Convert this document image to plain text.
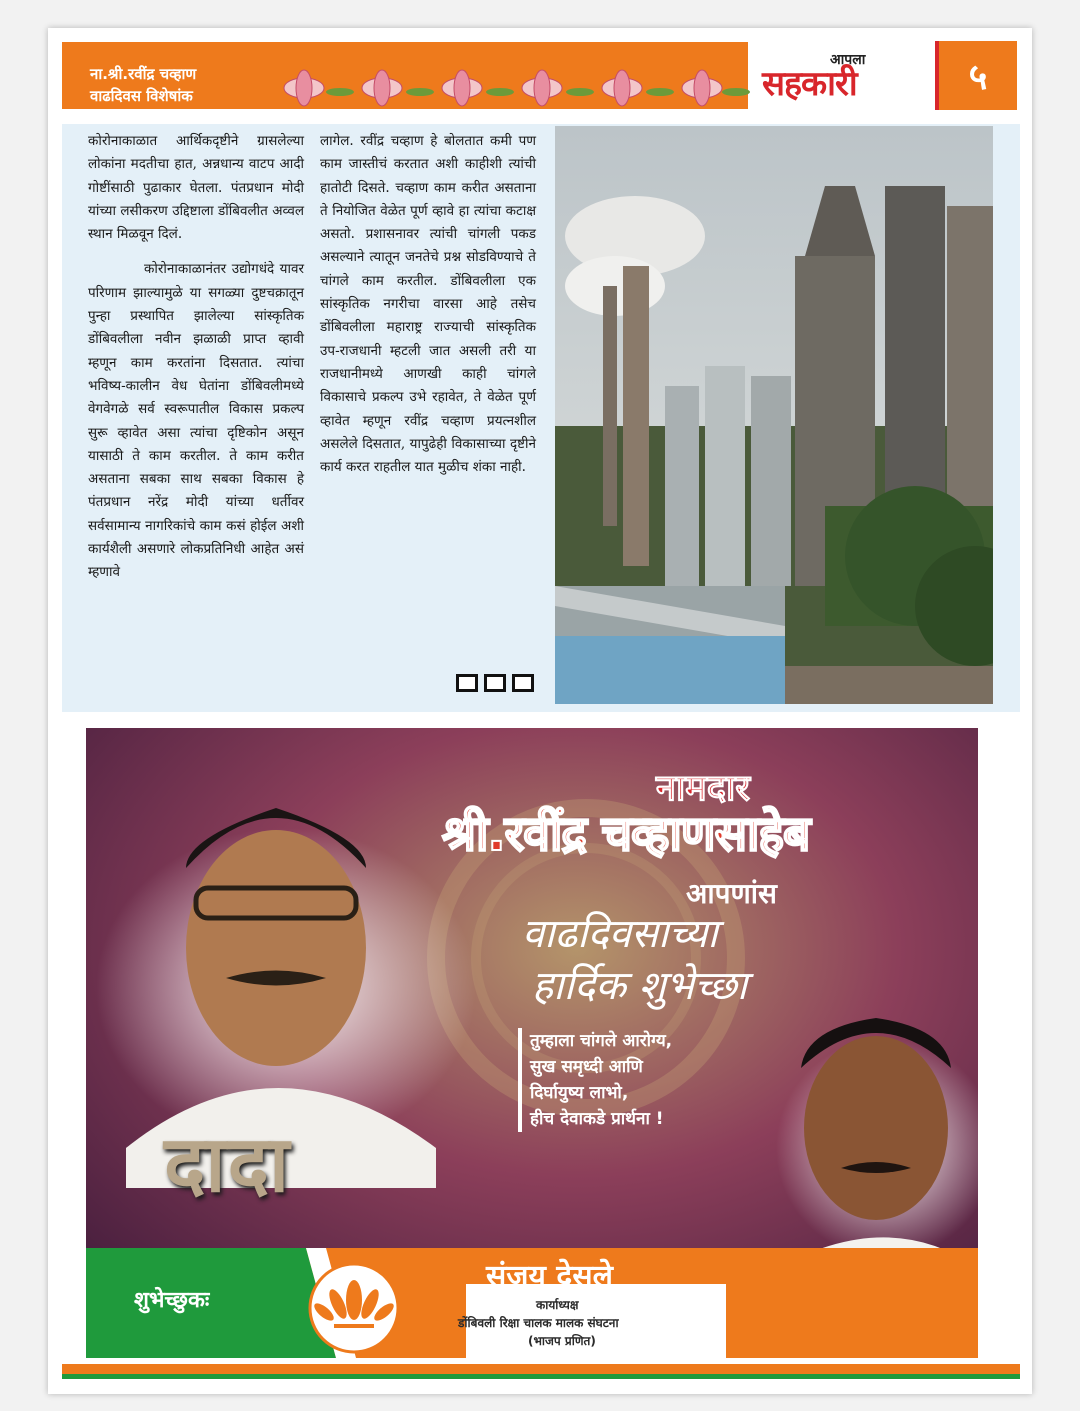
ना.श्री.रवींद्र चव्हाण
वाढदिवस विशेषांक
आपला
सहकारी	५

कोरोनाकाळात आर्थिकदृष्टीने ग्रासलेल्या लोकांना मदतीचा हात, अन्नधान्य वाटप आदी गोष्टींसाठी पुढाकार घेतला. पंतप्रधान मोदी यांच्या लसीकरण उद्दिष्टाला डोंबिवलीत अव्वल स्थान मिळवून दिलं.

कोरोनाकाळानंतर उद्योगधंदे यावर परिणाम झाल्यामुळे या सगळ्या दुष्टचक्रातून पुन्हा प्रस्थापित झालेल्या सांस्कृतिक डोंबिवलीला नवीन झळाळी प्राप्त व्हावी म्हणून काम करतांना दिसतात. त्यांचा भविष्य-कालीन वेध घेतांना डोंबिवलीमध्ये वेगवेगळे सर्व स्वरूपातील विकास प्रकल्प सुरू व्हावेत असा त्यांचा दृष्टिकोन असून यासाठी ते काम करतील. ते काम करीत असताना सबका साथ सबका विकास हे पंतप्रधान नरेंद्र मोदी यांच्या धर्तीवर सर्वसामान्य नागरिकांचे काम कसं होईल अशी कार्यशैली असणारे लोकप्रतिनिधी आहेत असं म्हणावे

लागेल. रवींद्र चव्हाण हे बोलतात कमी पण काम जास्तीचं करतात अशी काहीशी त्यांची हातोटी दिसते. चव्हाण काम करीत असताना ते नियोजित वेळेत पूर्ण व्हावे हा त्यांचा कटाक्ष असतो. प्रशासनावर त्यांची चांगली पकड असल्याने त्यातून जनतेचे प्रश्न सोडविण्याचे ते चांगले काम करतील. डोंबिवलीला एक सांस्कृतिक नगरीचा वारसा आहे तसेच डोंबिवलीला महाराष्ट्र राज्याची सांस्कृतिक उप-राजधानी म्हटली जात असली तरी या राजधानीमध्ये आणखी काही चांगले विकासाचे प्रकल्प उभे रहावेत, ते वेळेत पूर्ण व्हावेत म्हणून रवींद्र चव्हाण प्रयत्नशील असलेले दिसतात, यापुढेही विकासाच्या दृष्टीने कार्य करत राहतील यात मुळीच शंका नाही.

नामदार
श्री.रवींद्र चव्हाणसाहेब
आपणांस
वाढदिवसाच्या
हार्दिक शुभेच्छा
तुम्हाला चांगले आरोग्य,
सुख समृध्दी आणि
दिर्घायुष्य लाभो,
हीच देवाकडे प्रार्थना !
दादा
शुभेच्छुकः
संजय देसले
कार्याध्यक्ष
डोंबिवली रिक्षा चालक मालक संघटना
(भाजप प्रणित)
